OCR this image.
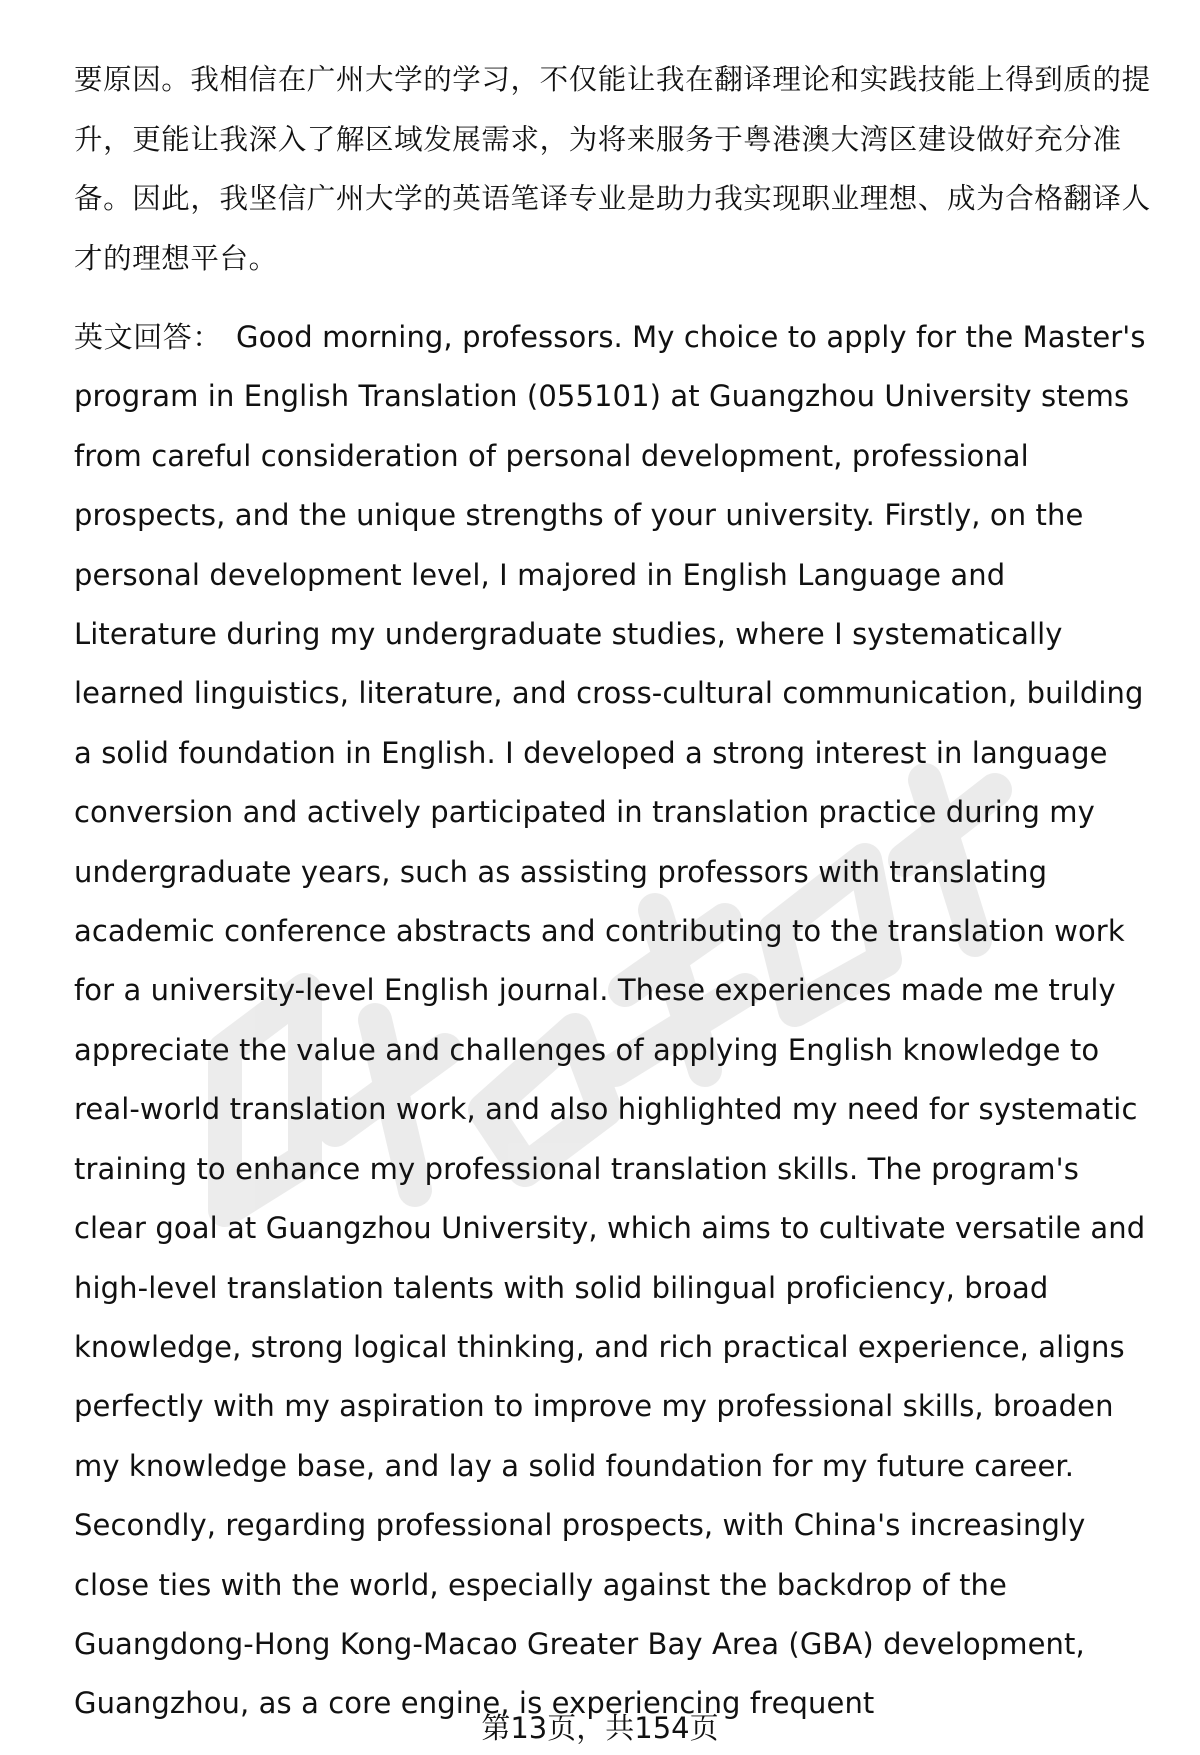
要原因。我相信在广州大学的学习，不仅能让我在翻译理论和实践技能上得到质的提升，更能让我深入了解区域发展需求，为将来服务于粤港澳大湾区建设做好充分准备。因此，我坚信广州大学的英语笔译专业是助力我实现职业理想、成为合格翻译人才的理想平台。

英文回答： Good morning, professors. My choice to apply for the Master's program in English Translation (055101) at Guangzhou University stems from careful consideration of personal development, professional prospects, and the unique strengths of your university. Firstly, on the personal development level, I majored in English Language and Literature during my undergraduate studies, where I systematically learned linguistics, literature, and cross-cultural communication, building a solid foundation in English. I developed a strong interest in language conversion and actively participated in translation practice during my undergraduate years, such as assisting professors with translating academic conference abstracts and contributing to the translation work for a university-level English journal. These experiences made me truly appreciate the value and challenges of applying English knowledge to real-world translation work, and also highlighted my need for systematic training to enhance my professional translation skills. The program's clear goal at Guangzhou University, which aims to cultivate versatile and high-level translation talents with solid bilingual proficiency, broad knowledge, strong logical thinking, and rich practical experience, aligns perfectly with my aspiration to improve my professional skills, broaden my knowledge base, and lay a solid foundation for my future career. Secondly, regarding professional prospects, with China's increasingly close ties with the world, especially against the backdrop of the Guangdong-Hong Kong-Macao Greater Bay Area (GBA) development, Guangzhou, as a core engine, is experiencing frequent

第13页，共154页
